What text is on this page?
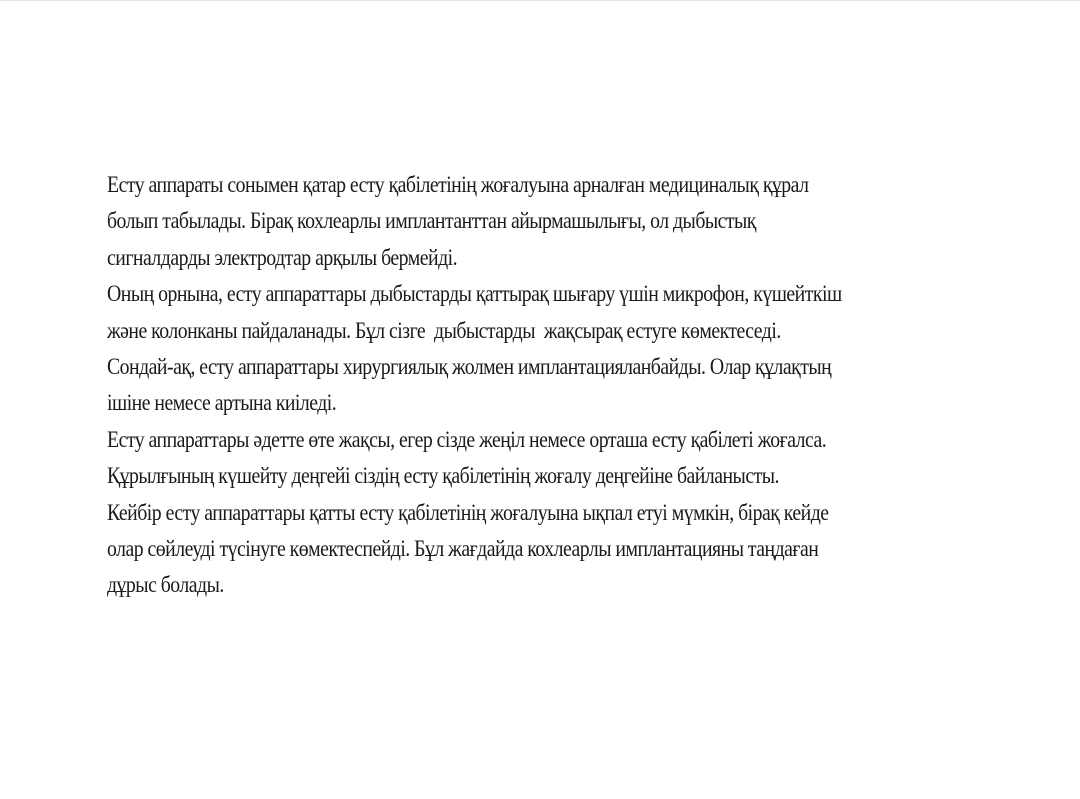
Есту аппараты сонымен қатар есту қабілетінің жоғалуына арналған медициналық құрал
болып табылады. Бірақ кохлеарлы имплантанттан айырмашылығы, ол дыбыстық
сигналдарды электродтар арқылы бермейді.
Оның орнына, есту аппараттары дыбыстарды қаттырақ шығару үшін микрофон, күшейткіш
және колонканы пайдаланады. Бұл сізге  дыбыстарды  жақсырақ естуге көмектеседі.
Сондай-ақ, есту аппараттары хирургиялық жолмен имплантацияланбайды. Олар құлақтың
ішіне немесе артына киіледі.
Есту аппараттары әдетте өте жақсы, егер сізде жеңіл немесе орташа есту қабілеті жоғалса.
Құрылғының күшейту деңгейі сіздің есту қабілетінің жоғалу деңгейіне байланысты.
Кейбір есту аппараттары қатты есту қабілетінің жоғалуына ықпал етуі мүмкін, бірақ кейде
олар сөйлеуді түсінуге көмектеспейді. Бұл жағдайда кохлеарлы имплантацияны таңдаған
дұрыс болады.
